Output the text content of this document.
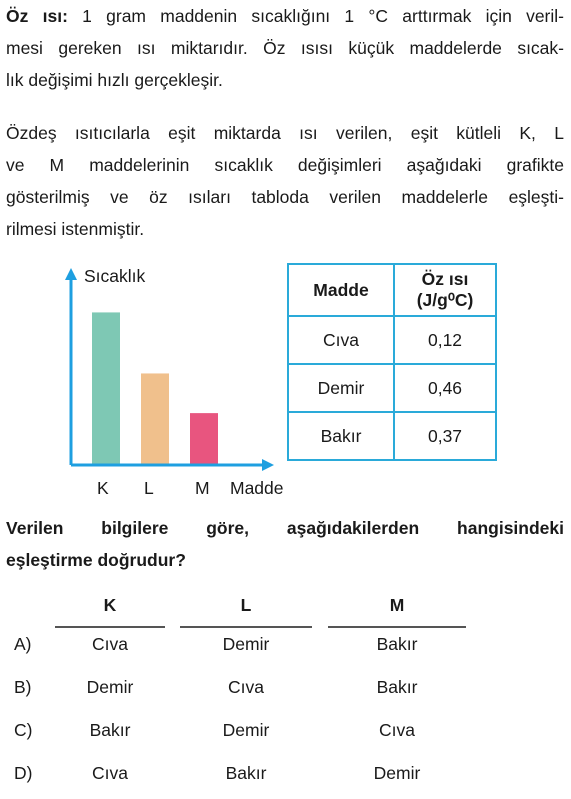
Öz ısı: 1 gram maddenin sıcaklığını 1 °C arttırmak için veril-
mesi gereken ısı miktarıdır. Öz ısısı küçük maddelerde sıcak-
lık değişimi hızlı gerçekleşir.
Özdeş ısıtıcılarla eşit miktarda ısı verilen, eşit kütleli K, L
ve M maddelerinin sıcaklık değişimleri aşağıdaki grafikte
gösterilmiş ve öz ısıları tabloda verilen maddelerle eşleşti-
rilmesi istenmiştir.
Sıcaklık
K L M Madde
Madde	Öz ısı
(J/g⁰C)

Cıva	0,12
Demir	0,46
Bakır	0,37
Verilen bilgilere göre, aşağıdakilerden hangisindeki
eşleştirme doğrudur?
K	L	M
A)	Cıva	Demir	Bakır
B)	Demir	Cıva	Bakır
C)	Bakır	Demir	Cıva
D)	Cıva	Bakır	Demir
